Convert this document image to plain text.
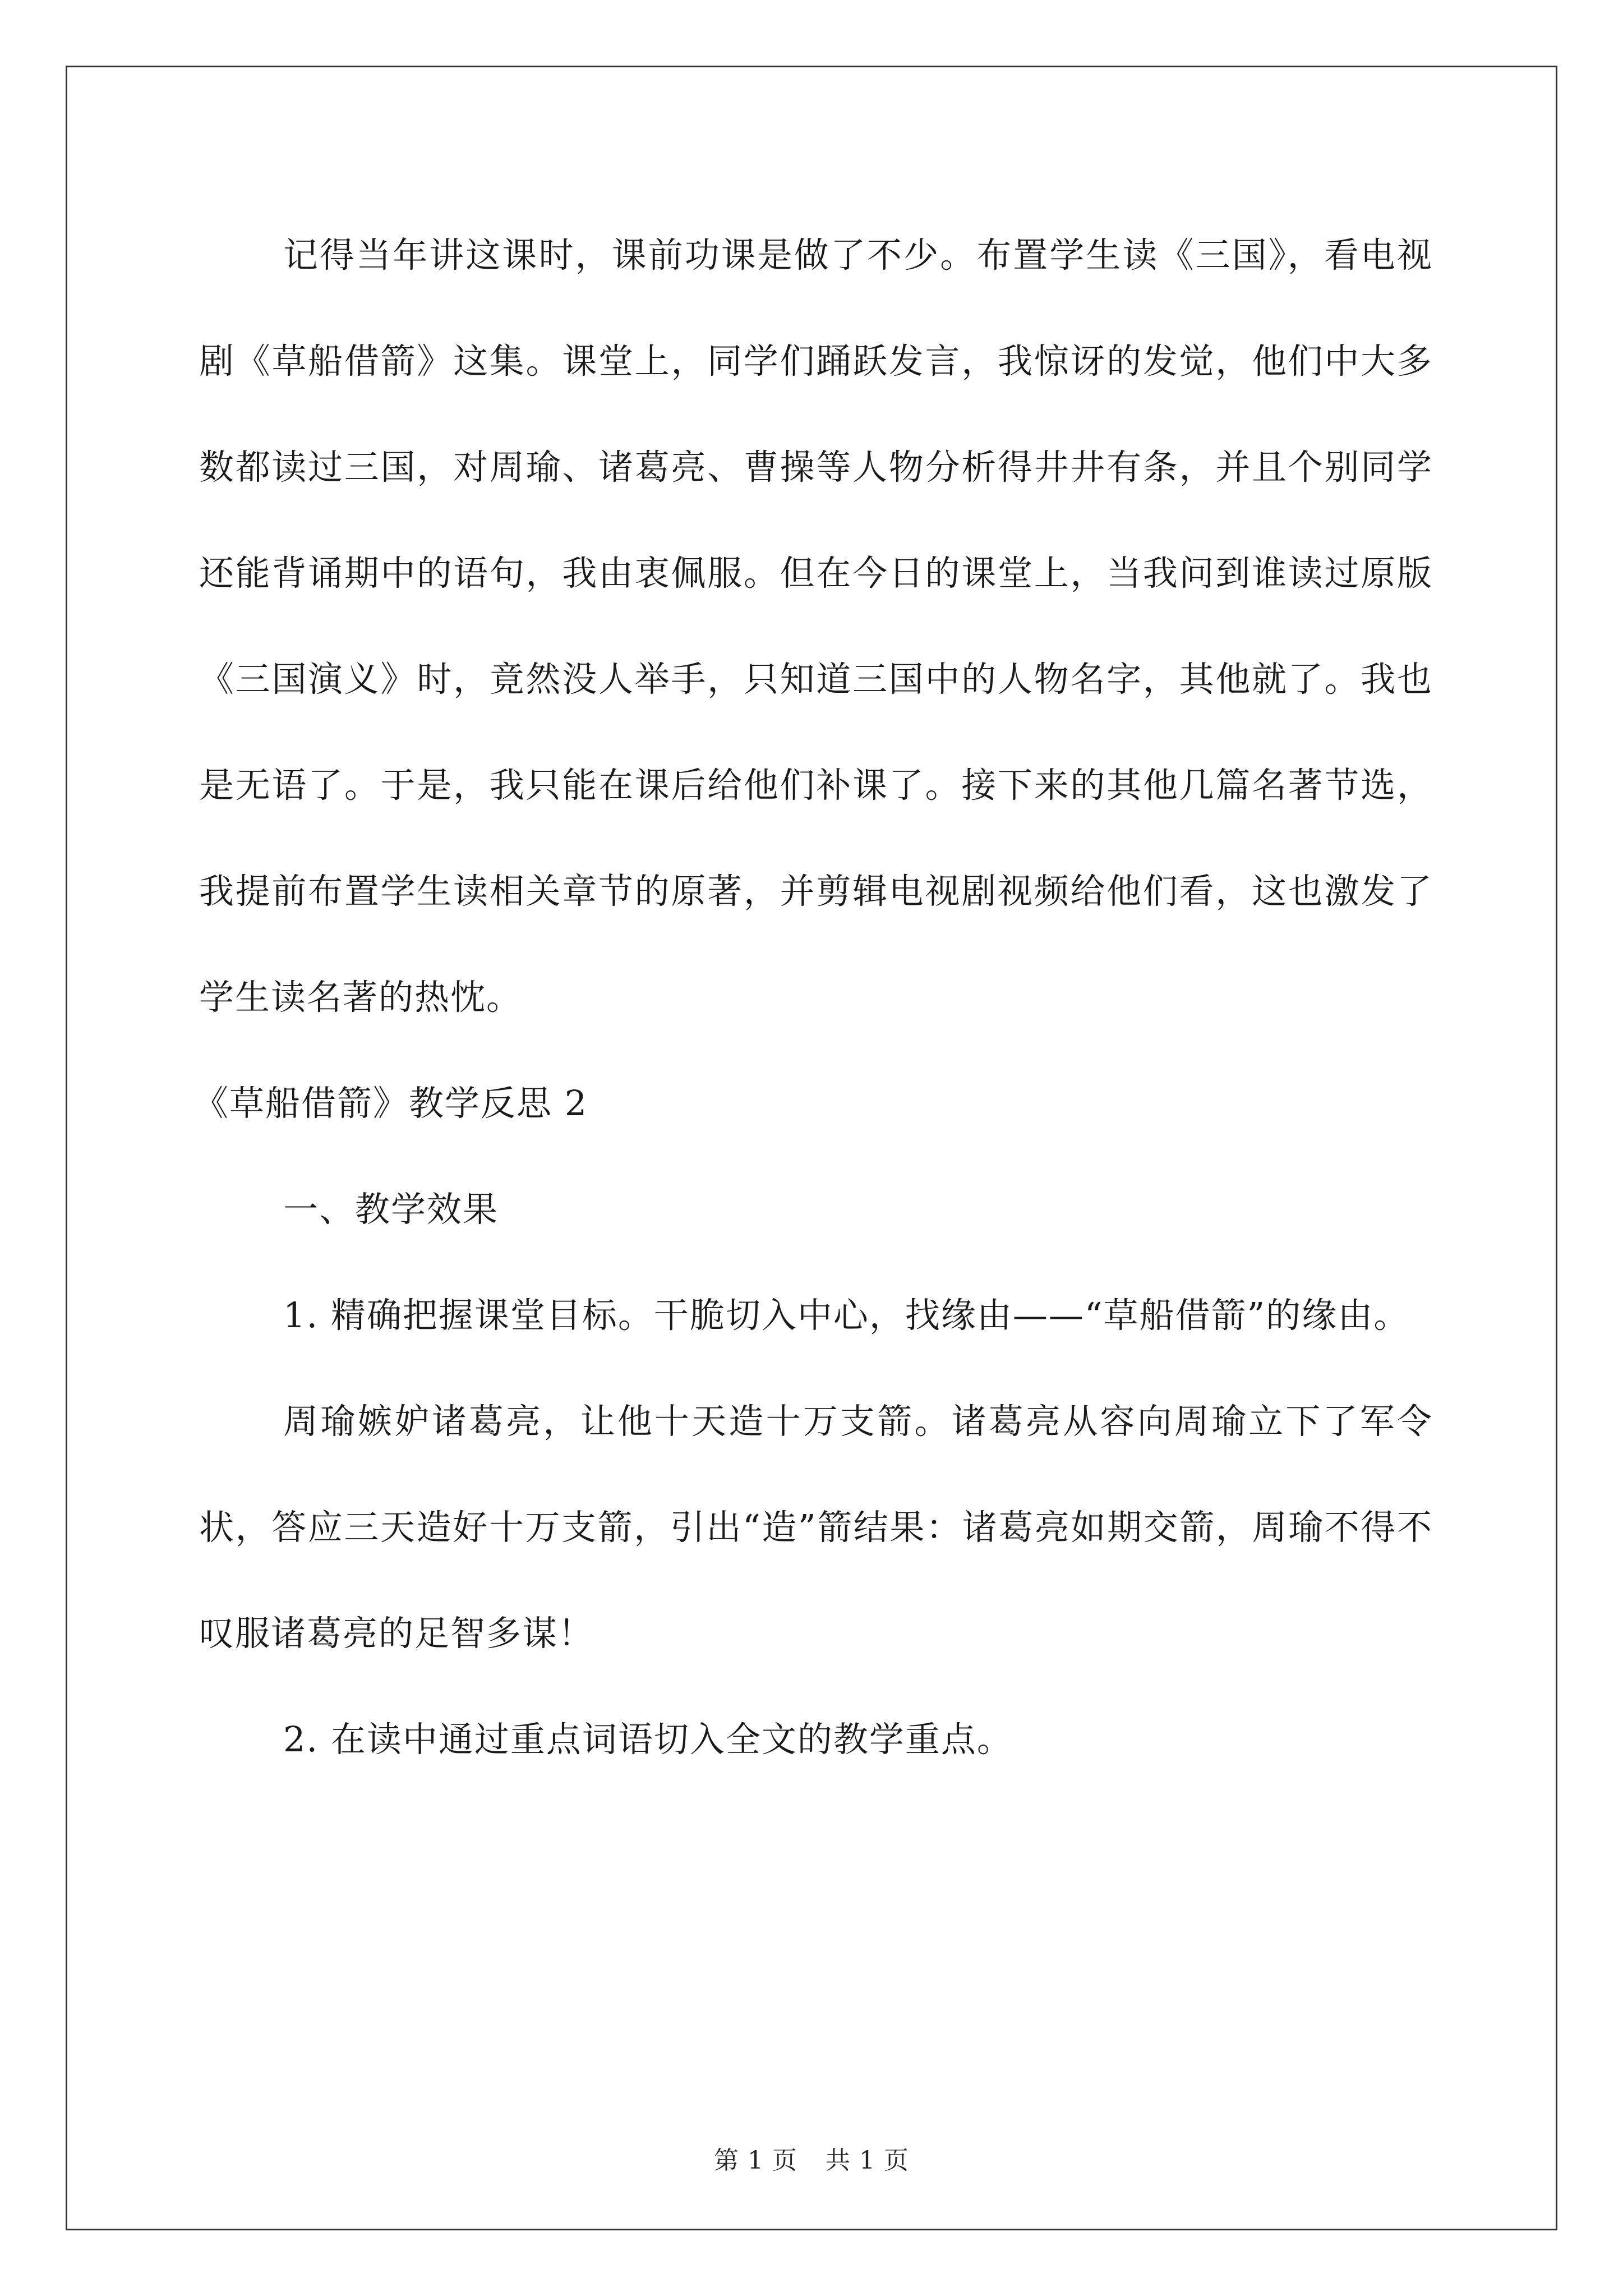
记得当年讲这课时，课前功课是做了不少。布置学生读《三国》，看电视剧《草船借箭》这集。课堂上，同学们踊跃发言，我惊讶的发觉，他们中大多数都读过三国，对周瑜、诸葛亮、曹操等人物分析得井井有条，并且个别同学还能背诵期中的语句，我由衷佩服。但在今日的课堂上，当我问到谁读过原版《三国演义》时，竟然没人举手，只知道三国中的人物名字，其他就了。我也是无语了。于是，我只能在课后给他们补课了。接下来的其他几篇名著节选，我提前布置学生读相关章节的原著，并剪辑电视剧视频给他们看，这也激发了学生读名著的热忱。

《草船借箭》教学反思 2

一、教学效果

1. 精确把握课堂目标。干脆切入中心，找缘由——“草船借箭”的缘由。

周瑜嫉妒诸葛亮，让他十天造十万支箭。诸葛亮从容向周瑜立下了军令状，答应三天造好十万支箭，引出“造”箭结果：诸葛亮如期交箭，周瑜不得不叹服诸葛亮的足智多谋！

2. 在读中通过重点词语切入全文的教学重点。

第 1 页 共 1 页
